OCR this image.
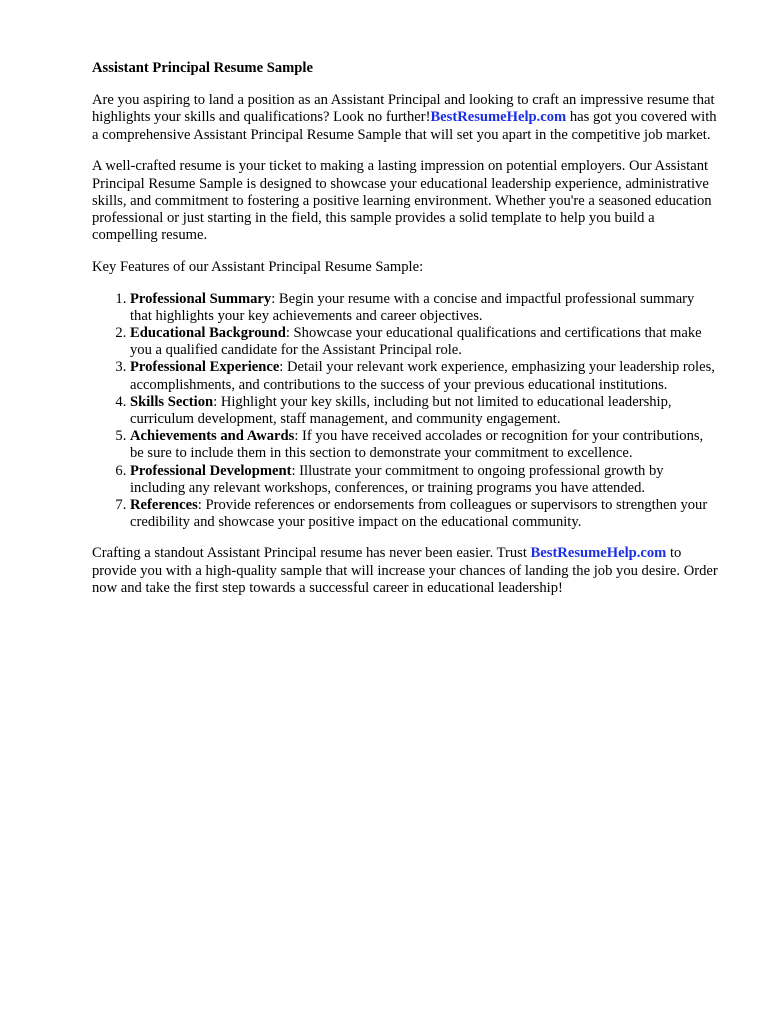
Assistant Principal Resume Sample

Are you aspiring to land a position as an Assistant Principal and looking to craft an impressive resume that highlights your skills and qualifications? Look no further!BestResumeHelp.com has got you covered with a comprehensive Assistant Principal Resume Sample that will set you apart in the competitive job market.

A well-crafted resume is your ticket to making a lasting impression on potential employers. Our Assistant Principal Resume Sample is designed to showcase your educational leadership experience, administrative skills, and commitment to fostering a positive learning environment. Whether you're a seasoned education professional or just starting in the field, this sample provides a solid template to help you build a compelling resume.

Key Features of our Assistant Principal Resume Sample:

1. Professional Summary: Begin your resume with a concise and impactful professional summary that highlights your key achievements and career objectives.
2. Educational Background: Showcase your educational qualifications and certifications that make you a qualified candidate for the Assistant Principal role.
3. Professional Experience: Detail your relevant work experience, emphasizing your leadership roles, accomplishments, and contributions to the success of your previous educational institutions.
4. Skills Section: Highlight your key skills, including but not limited to educational leadership, curriculum development, staff management, and community engagement.
5. Achievements and Awards: If you have received accolades or recognition for your contributions, be sure to include them in this section to demonstrate your commitment to excellence.
6. Professional Development: Illustrate your commitment to ongoing professional growth by including any relevant workshops, conferences, or training programs you have attended.
7. References: Provide references or endorsements from colleagues or supervisors to strengthen your credibility and showcase your positive impact on the educational community.

Crafting a standout Assistant Principal resume has never been easier. Trust BestResumeHelp.com to provide you with a high-quality sample that will increase your chances of landing the job you desire. Order now and take the first step towards a successful career in educational leadership!
